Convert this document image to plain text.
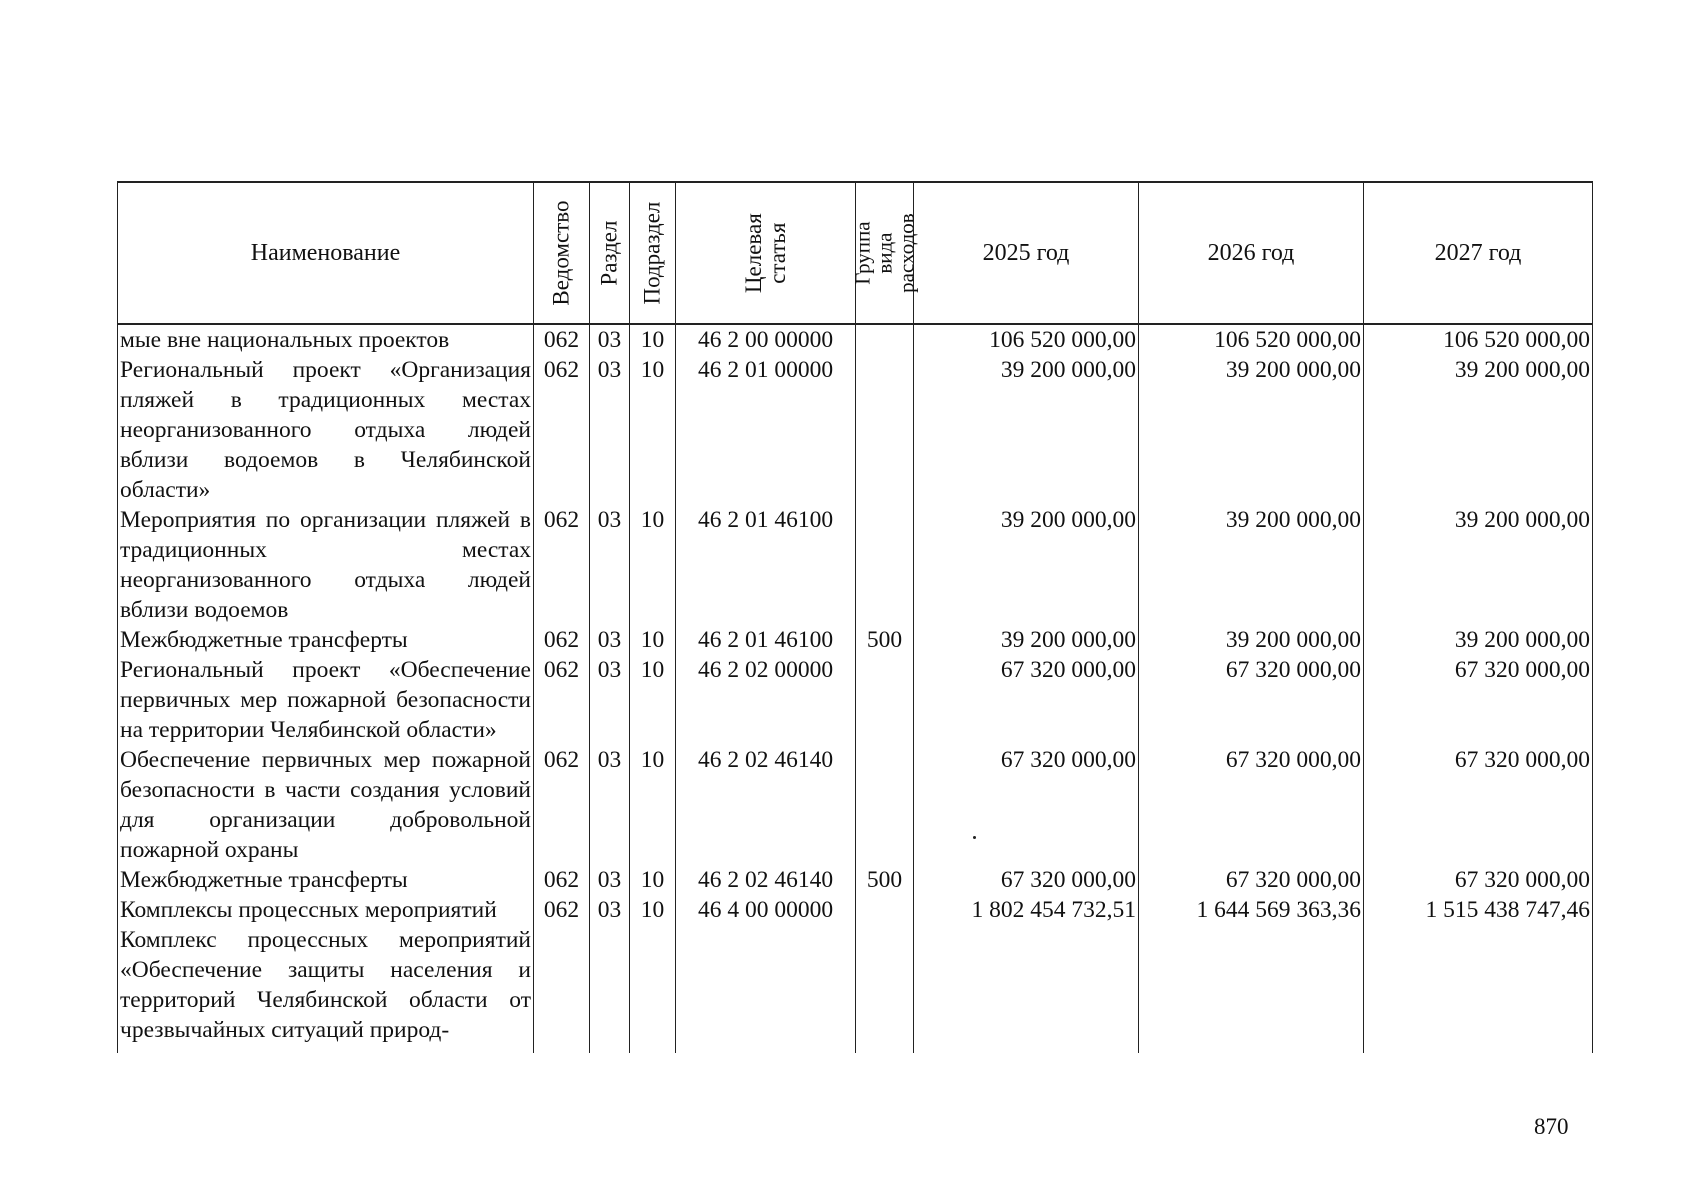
Наименование	Ведомство	Раздел	Подраздел	Целевая статья	Группа вида расходов	2025 год	2026 год	2027 год
мые вне национальных проектов	062	03	10	46 2 00 00000		106 520 000,00	106 520 000,00	106 520 000,00
Региональный проект «Организация пляжей в традиционных местах неорганизованного отдыха людей вблизи водоемов в Челябинской области»	062	03	10	46 2 01 00000		39 200 000,00	39 200 000,00	39 200 000,00
Мероприятия по организации пляжей в традиционных местах неорганизованного отдыха людей вблизи водоемов	062	03	10	46 2 01 46100		39 200 000,00	39 200 000,00	39 200 000,00
Межбюджетные трансферты	062	03	10	46 2 01 46100	500	39 200 000,00	39 200 000,00	39 200 000,00
Региональный проект «Обеспечение первичных мер пожарной безопасности на территории Челябинской области»	062	03	10	46 2 02 00000		67 320 000,00	67 320 000,00	67 320 000,00
Обеспечение первичных мер пожарной безопасности в части создания условий для организации добровольной пожарной охраны	062	03	10	46 2 02 46140		67 320 000,00	67 320 000,00	67 320 000,00
Межбюджетные трансферты	062	03	10	46 2 02 46140	500	67 320 000,00	67 320 000,00	67 320 000,00
Комплексы процессных мероприятий	062	03	10	46 4 00 00000		1 802 454 732,51	1 644 569 363,36	1 515 438 747,46
Комплекс процессных мероприятий «Обеспечение защиты населения и территорий Челябинской области от чрезвычайных ситуаций природ-								
870
